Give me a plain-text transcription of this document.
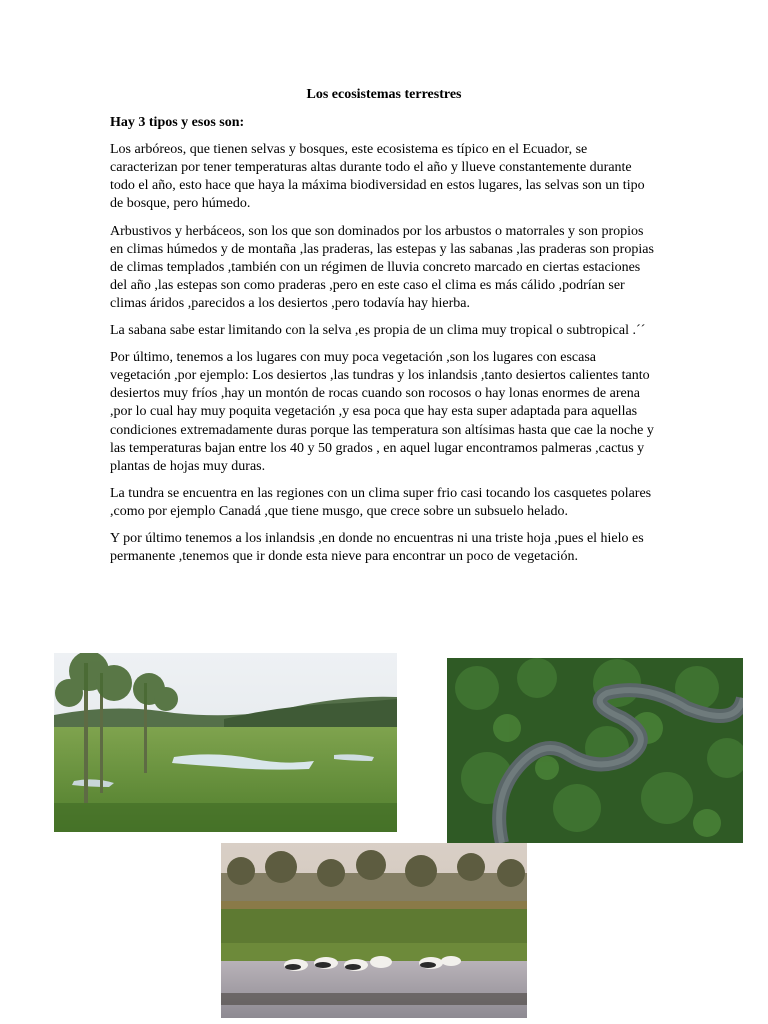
Los ecosistemas terrestres
Hay 3 tipos y esos son:

Los arbóreos, que tienen selvas y bosques, este ecosistema es típico en el Ecuador, se caracterizan por tener temperaturas altas durante todo el año y llueve constantemente durante todo el año, esto hace que haya la máxima biodiversidad en estos lugares, las selvas son un tipo de bosque, pero húmedo.

Arbustivos y herbáceos, son los que son dominados por los arbustos o matorrales y son propios en climas húmedos y de montaña ,las praderas, las estepas y las sabanas ,las praderas son propias de climas templados ,también con un régimen de lluvia concreto marcado en ciertas estaciones del año ,las estepas son como praderas ,pero en este caso el clima es más cálido ,podrían ser climas áridos ,parecidos a los desiertos ,pero todavía hay hierba.

La sabana sabe estar limitando con la selva ,es propia de un clima muy tropical o subtropical .´´

Por último, tenemos a los lugares con muy poca vegetación ,son los lugares con escasa vegetación ,por ejemplo: Los desiertos ,las tundras y los inlandsis ,tanto desiertos calientes tanto desiertos muy fríos ,hay un montón de rocas cuando son rocosos o hay lonas enormes de arena ,por lo cual hay muy poquita vegetación ,y esa poca que hay esta super adaptada para aquellas condiciones extremadamente duras porque las temperatura son altísimas hasta que cae la noche y las temperaturas bajan entre los 40 y 50 grados , en aquel lugar encontramos palmeras ,cactus y plantas de hojas muy duras.

La tundra se encuentra en las regiones con un clima super frio casi tocando los casquetes polares ,como por ejemplo Canadá ,que tiene musgo, que crece sobre un subsuelo helado.

Y por último tenemos a los inlandsis ,en donde no encuentras ni una triste hoja ,pues el hielo es permanente ,tenemos que ir donde esta nieve para encontrar un poco de vegetación.
